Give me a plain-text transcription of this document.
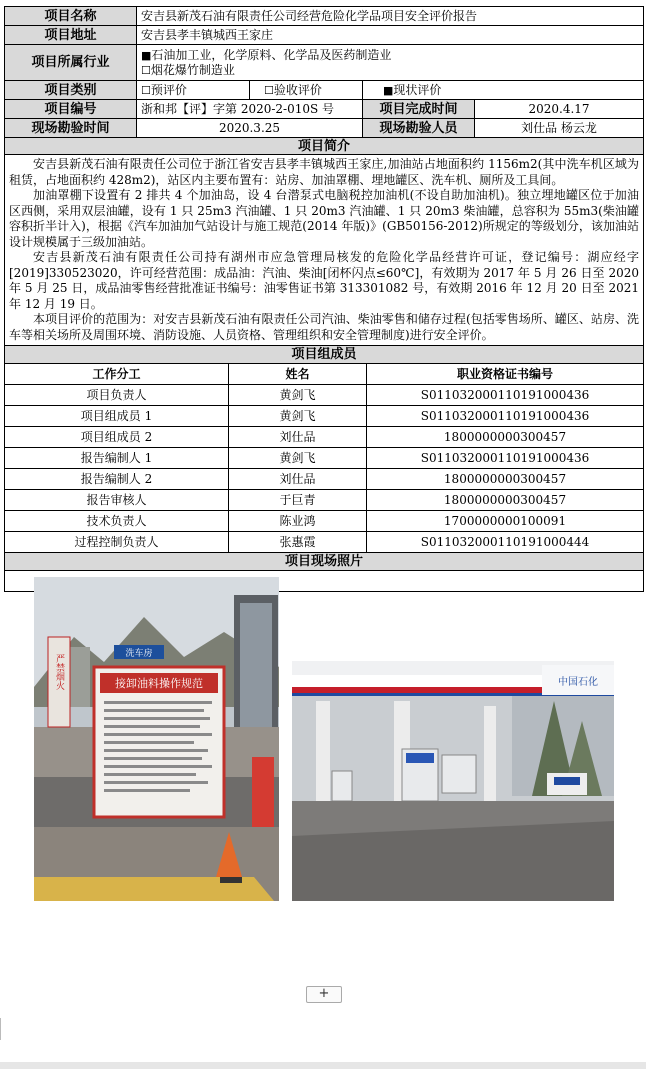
项目名称	安吉县新茂石油有限责任公司经营危险化学品项目安全评价报告			
项目地址	安吉县孝丰镇城西王家庄			
项目所属行业	■石油加工业，化学原料、化学品及医药制造业
☐烟花爆竹制造业			

项目类别	☐预评价	☐验收评价	■现状评价	
项目编号	浙和邦【评】字第 2020-2-010S 号		项目完成时间	2020.4.17
现场勘验时间	2020.3.25		现场勘验人员	刘仕品 杨云龙
项目简介				

安吉县新茂石油有限责任公司位于浙江省安吉县孝丰镇城西王家庄,加油站占地面积约 1156m2(其中洗车机区域为租赁，占地面积约 428m2)，站区内主要布置有：站房、加油罩棚、埋地罐区、洗车机、厕所及工具间。

加油罩棚下设置有 2 排共 4 个加油岛，设 4 台潜泵式电脑税控加油机(不设自助加油机)。独立埋地罐区位于加油区西侧，采用双层油罐，设有 1 只 25m3 汽油罐、1 只 20m3 汽油罐、1 只 20m3 柴油罐，总容积为 55m3(柴油罐容积折半计入)，根据《汽车加油加气站设计与施工规范(2014 年版)》(GB50156-2012)所规定的等级划分，该加油站设计规模属于三级加油站。

安吉县新茂石油有限责任公司持有湖州市应急管理局核发的危险化学品经营许可证，登记编号：湖应经字[2019]330523020，许可经营范围：成品油：汽油、柴油[闭杯闪点≤60℃]，有效期为 2017 年 5 月 26 日至 2020 年 5 月 25 日，成品油零售经营批准证书编号：油零售证书第 313301082 号，有效期 2016 年 12 月 20 日至 2021 年 12 月 19 日。

本项目评价的范围为：对安吉县新茂石油有限责任公司汽油、柴油零售和储存过程(包括零售场所、罐区、站房、洗车等相关场所及周围环境、消防设施、人员资格、管理组织和安全管理制度)进行安全评价。				

项目组成员		
工作分工	姓名	职业资格证书编号
项目负责人	黄剑飞	S011032000110191000436
项目组成员 1	黄剑飞	S011032000110191000436
项目组成员 2	刘仕品	1800000000300457
报告编制人 1	黄剑飞	S011032000110191000436
报告编制人 2	刘仕品	1800000000300457
报告审核人	于巨青	1800000000300457
技术负责人	陈业鸿	1700000000100091
过程控制负责人	张惠霞	S011032000110191000444
项目现场照片		

严禁烟火 接卸油料操作规范
洗车房
中国石化		
+
